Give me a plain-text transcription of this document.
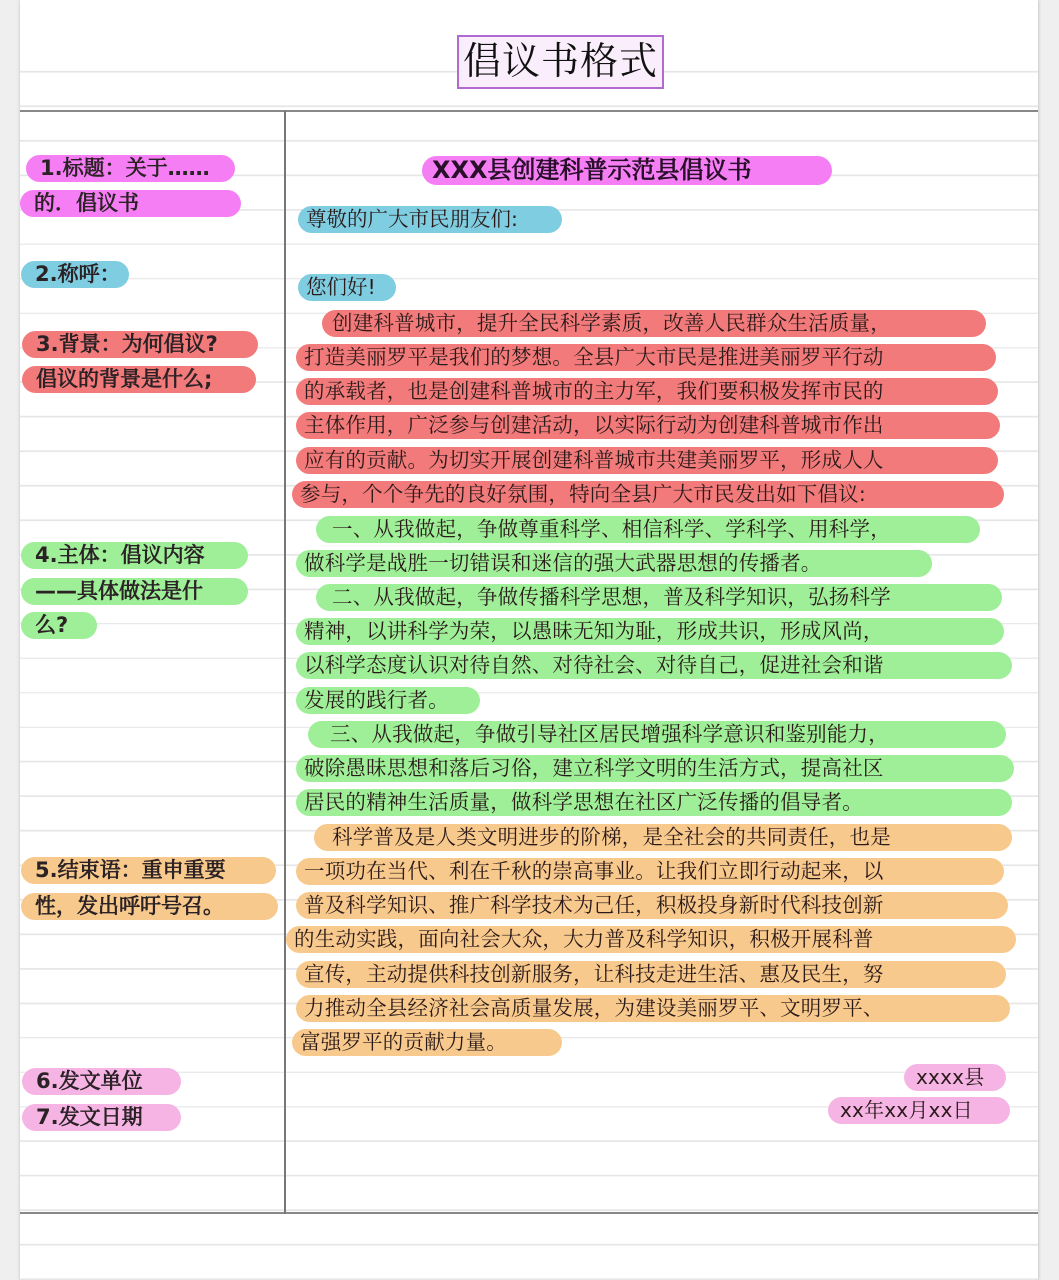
倡议书格式
1.标题：关于……
的．倡议书
2.称呼：
3.背景：为何倡议?
倡议的背景是什么;
4.主体：倡议内容
——具体做法是什
么?
5.结束语：重申重要
性，发出呼吁号召。
6.发文单位
7.发文日期
XXX县创建科普示范县倡议书
尊敬的广大市民朋友们:
您们好!
创建科普城市，提升全民科学素质，改善人民群众生活质量，
打造美丽罗平是我们的梦想。全县广大市民是推进美丽罗平行动
的承载者，也是创建科普城市的主力军，我们要积极发挥市民的
主体作用，广泛参与创建活动，以实际行动为创建科普城市作出
应有的贡献。为切实开展创建科普城市共建美丽罗平，形成人人
参与，个个争先的良好氛围，特向全县广大市民发出如下倡议:
一、从我做起，争做尊重科学、相信科学、学科学、用科学，
做科学是战胜一切错误和迷信的强大武器思想的传播者。
二、从我做起，争做传播科学思想，普及科学知识，弘扬科学
精神，以讲科学为荣，以愚昧无知为耻，形成共识，形成风尚，
以科学态度认识对待自然、对待社会、对待自己，促进社会和谐
发展的践行者。
三、从我做起，争做引导社区居民增强科学意识和鉴别能力，
破除愚昧思想和落后习俗，建立科学文明的生活方式，提高社区
居民的精神生活质量，做科学思想在社区广泛传播的倡导者。
科学普及是人类文明进步的阶梯，是全社会的共同责任，也是
一项功在当代、利在千秋的崇高事业。让我们立即行动起来，以
普及科学知识、推广科学技术为己任，积极投身新时代科技创新
的生动实践，面向社会大众，大力普及科学知识，积极开展科普
宣传，主动提供科技创新服务，让科技走进生活、惠及民生，努
力推动全县经济社会高质量发展，为建设美丽罗平、文明罗平、
富强罗平的贡献力量。
xxxx县
xx年xx月xx日
